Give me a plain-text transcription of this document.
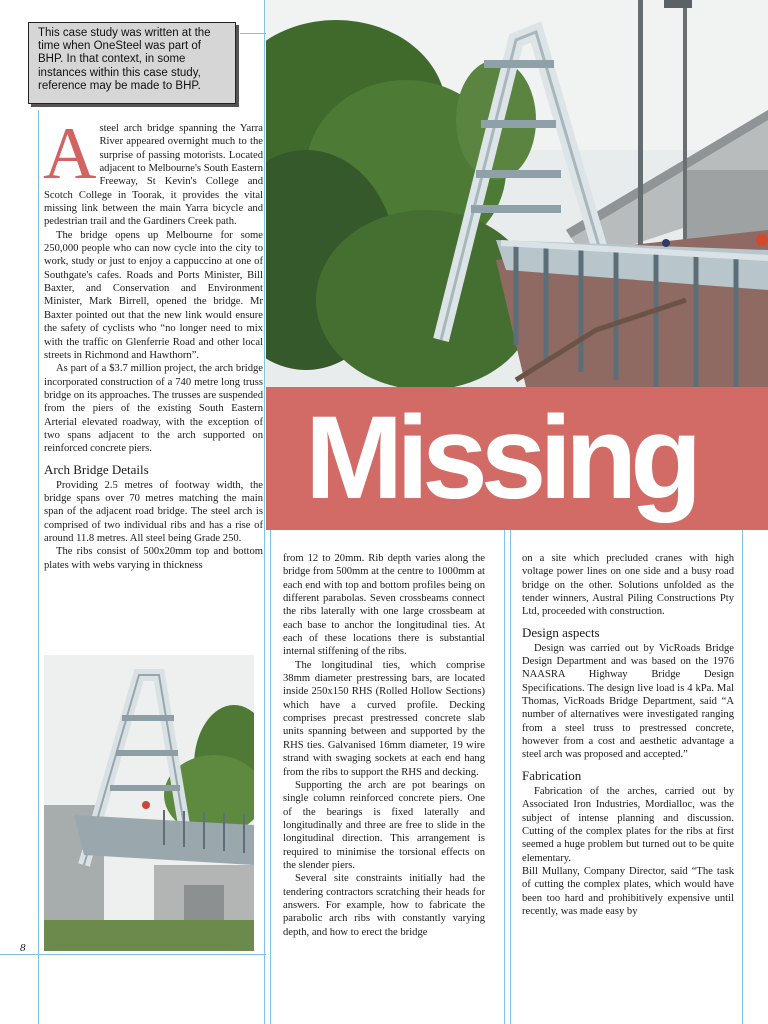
This case study was written at the time when OneSteel was part of BHP. In that context, in some instances within this case study, reference may be made to BHP.
Missing
A steel arch bridge spanning the Yarra River appeared overnight much to the surprise of passing motorists. Located adjacent to Melbourne's South Eastern Freeway, St Kevin's College and Scotch College in Toorak, it provides the vital missing link between the main Yarra bicycle and pedestrian trail and the Gardiners Creek path.

The bridge opens up Melbourne for some 250,000 people who can now cycle into the city to work, study or just to enjoy a cappuccino at one of Southgate's cafes. Roads and Ports Minister, Bill Baxter, and Conservation and Environment Minister, Mark Birrell, opened the bridge. Mr Baxter pointed out that the new link would ensure the safety of cyclists who “no longer need to mix with the traffic on Glenferrie Road and other local streets in Richmond and Hawthorn”.

As part of a $3.7 million project, the arch bridge incorporated construction of a 740 metre long truss bridge on its approaches. The trusses are suspended from the piers of the existing South Eastern Arterial elevated roadway, with the exception of two spans adjacent to the arch supported on reinforced concrete piers.

Arch Bridge Details

Providing 2.5 metres of footway width, the bridge spans over 70 metres matching the main span of the adjacent road bridge. The steel arch is comprised of two individual ribs and has a rise of around 11.8 metres. All steel being Grade 250.

The ribs consist of 500x20mm top and bottom plates with webs varying in thickness

from 12 to 20mm. Rib depth varies along the bridge from 500mm at the centre to 1000mm at each end with top and bottom profiles being on different parabolas. Seven crossbeams connect the ribs laterally with one large crossbeam at each base to anchor the longitudinal ties. At each of these locations there is substantial internal stiffening of the ribs.

The longitudinal ties, which comprise 38mm diameter prestressing bars, are located inside 250x150 RHS (Rolled Hollow Sections) which have a curved profile. Decking comprises precast prestressed concrete slab units spanning between and supported by the RHS ties. Galvanised 16mm diameter, 19 wire strand with swaging sockets at each end hang from the ribs to support the RHS and decking.

Supporting the arch are pot bearings on single column reinforced concrete piers. One of the bearings is fixed laterally and longitudinally and three are free to slide in the longitudinal direction. This arrangement is required to minimise the torsional effects on the slender piers.

Several site constraints initially had the tendering contractors scratching their heads for answers. For example, how to fabricate the parabolic arch ribs with constantly varying depth, and how to erect the bridge

on a site which precluded cranes with high voltage power lines on one side and a busy road bridge on the other. Solutions unfolded as the tender winners, Austral Piling Constructions Pty Ltd, proceeded with construction.

Design aspects

Design was carried out by VicRoads Bridge Design Department and was based on the 1976 NAASRA Highway Bridge Design Specifications. The design live load is 4 kPa. Mal Thomas, VicRoads Bridge Department, said “A number of alternatives were investigated ranging from a steel truss to prestressed concrete, however from a cost and aesthetic advantage a steel arch was proposed and accepted.”

Fabrication

Fabrication of the arches, carried out by Associated Iron Industries, Mordialloc, was the subject of intense planning and discussion. Cutting of the complex plates for the ribs at first seemed a huge problem but turned out to be quite elementary.

Bill Mullany, Company Director, said “The task of cutting the complex plates, which would have been too hard and prohibitively expensive until recently, was made easy by

8
